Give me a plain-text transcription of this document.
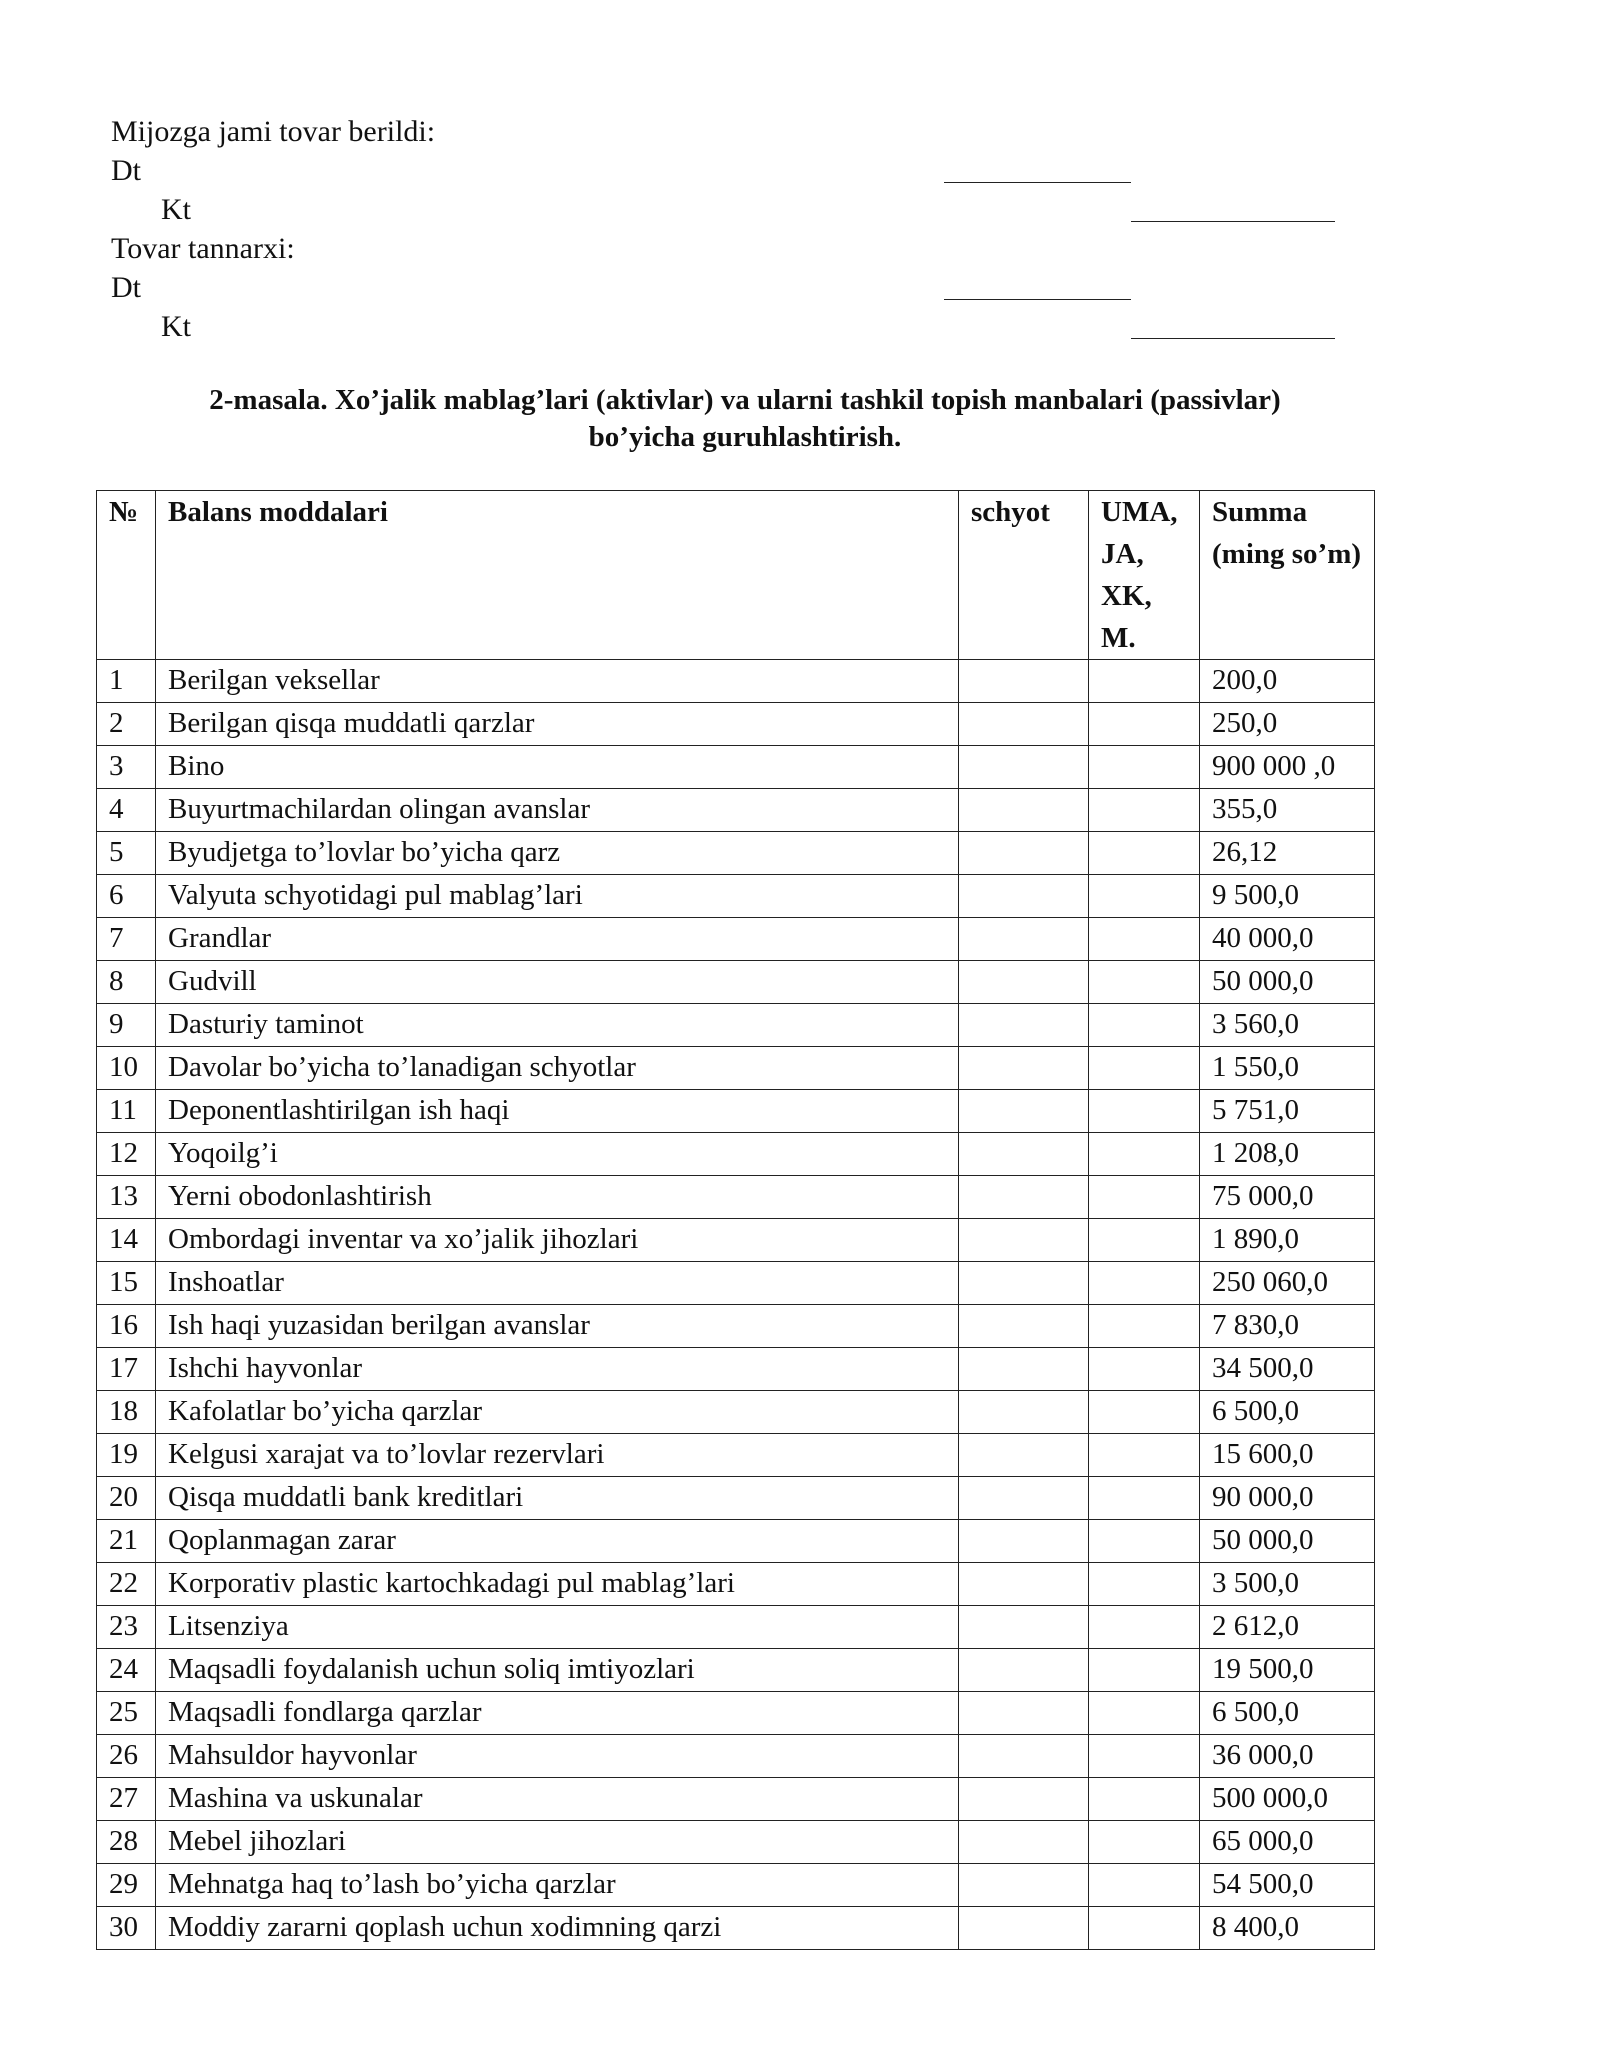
Mijozga jami tovar berildi:
Dt
Kt
Tovar tannarxi:
Dt
Kt
2-masala. Xo’jalik mablag’lari (aktivlar) va ularni tashkil topish manbalari (passivlar)
bo’yicha guruhlashtirish.
№	Balans moddalari	schyot	UMA, JA, XK, M.	Summa (ming so’m)
1	Berilgan veksellar			200,0
2	Berilgan qisqa muddatli qarzlar			250,0
3	Bino			900 000 ,0
4	Buyurtmachilardan olingan avanslar			355,0
5	Byudjetga to’lovlar bo’yicha qarz			26,12
6	Valyuta schyotidagi pul mablag’lari			9 500,0
7	Grandlar			40 000,0
8	Gudvill			50 000,0
9	Dasturiy taminot			3 560,0
10	Davolar bo’yicha to’lanadigan schyotlar			1 550,0
11	Deponentlashtirilgan ish haqi			5 751,0
12	Yoqoilg’i			1 208,0
13	Yerni obodonlashtirish			75 000,0
14	Ombordagi inventar va xo’jalik jihozlari			1 890,0
15	Inshoatlar			250 060,0
16	Ish haqi yuzasidan berilgan avanslar			7 830,0
17	Ishchi hayvonlar			34 500,0
18	Kafolatlar bo’yicha qarzlar			6 500,0
19	Kelgusi xarajat va to’lovlar rezervlari			15 600,0
20	Qisqa muddatli bank kreditlari			90 000,0
21	Qoplanmagan zarar			50 000,0
22	Korporativ plastic kartochkadagi pul mablag’lari			3 500,0
23	Litsenziya			2 612,0
24	Maqsadli foydalanish uchun soliq imtiyozlari			19 500,0
25	Maqsadli fondlarga qarzlar			6 500,0
26	Mahsuldor hayvonlar			36 000,0
27	Mashina va uskunalar			500 000,0
28	Mebel jihozlari			65 000,0
29	Mehnatga haq to’lash bo’yicha qarzlar			54 500,0
30	Moddiy zararni qoplash uchun xodimning qarzi			8 400,0
